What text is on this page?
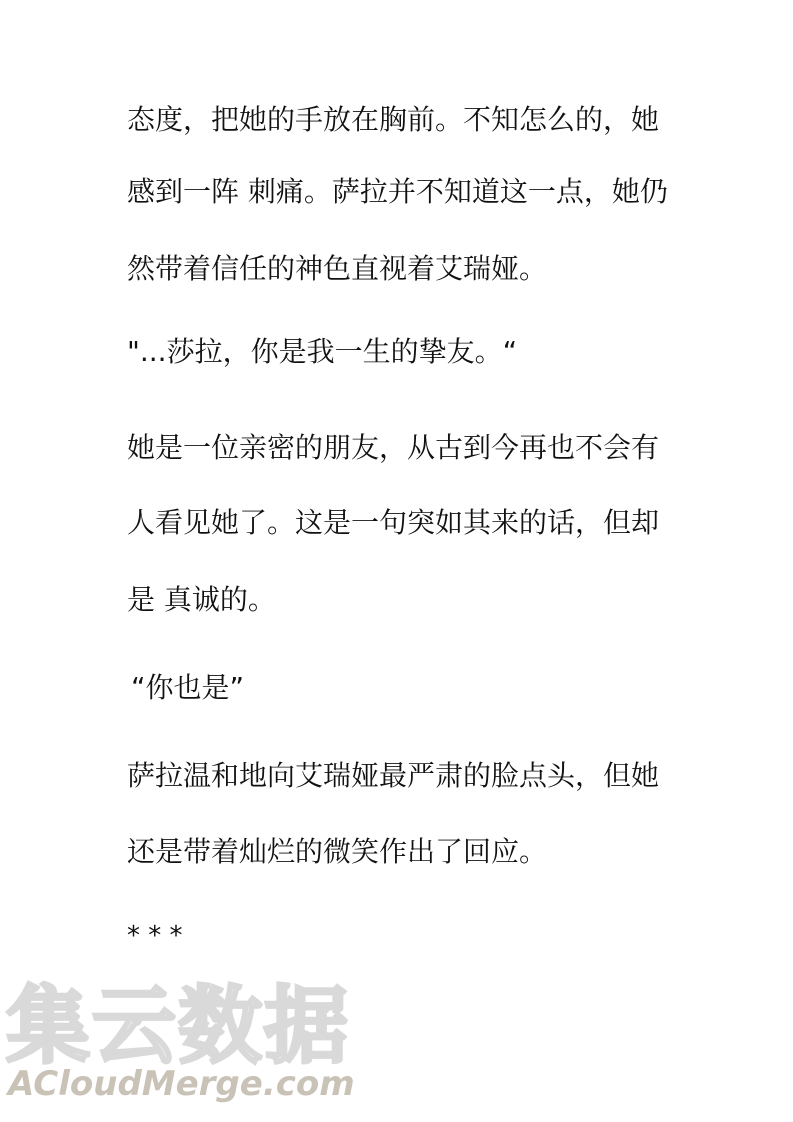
态度，把她的手放在胸前。不知怎么的，她
感到一阵 刺痛。萨拉并不知道这一点，她仍
然带着信任的神色直视着艾瑞娅。
"...莎拉，你是我一生的挚友。“
她是一位亲密的朋友，从古到今再也不会有
人看见她了。这是一句突如其来的话，但却
是 真诚的。
“你也是”
萨拉温和地向艾瑞娅最严肃的脸点头，但她
还是带着灿烂的微笑作出了回应。
* * *
集云数据
ACloudMerge.com
